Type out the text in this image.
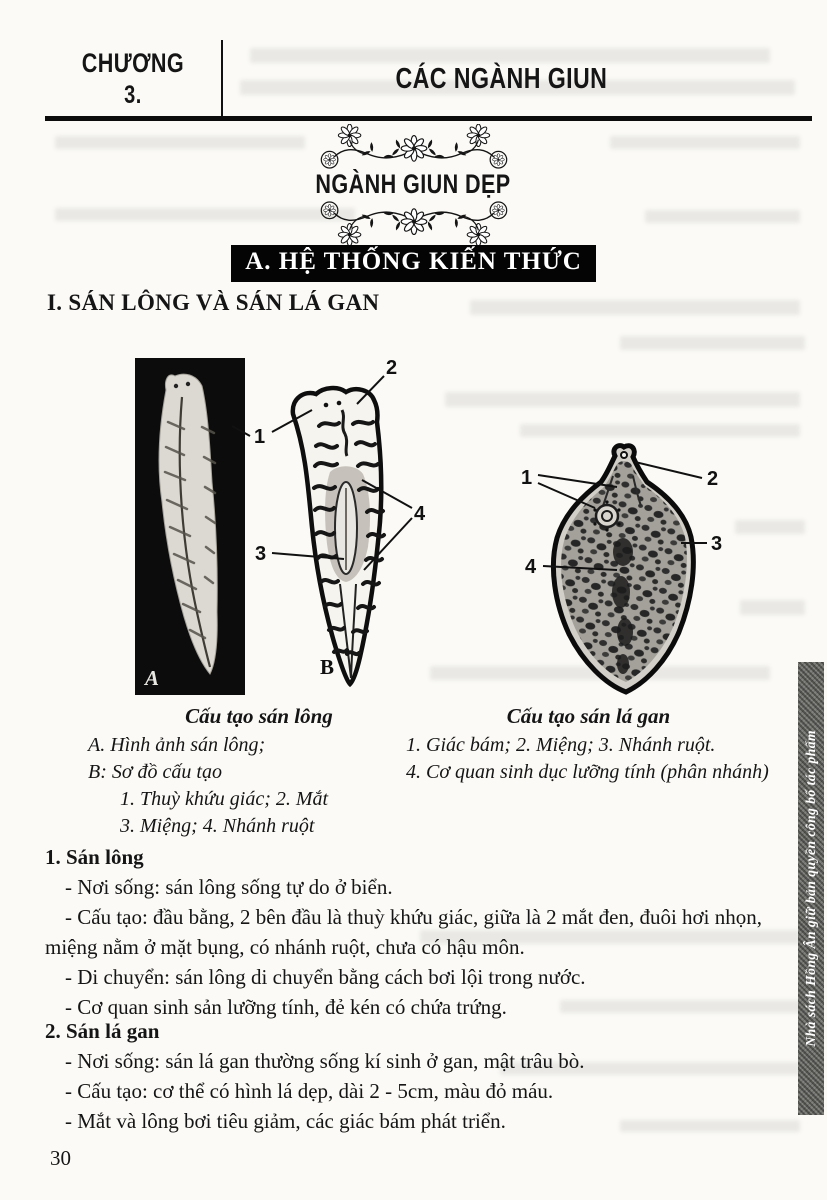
CHƯƠNG
3.
CÁC NGÀNH GIUN
NGÀNH GIUN DẸP
A. HỆ THỐNG KIẾN THỨC
I. SÁN LÔNG VÀ SÁN LÁ GAN
A	B
2
1
3
4
1	2
3
4
Cấu tạo sán lông
A. Hình ảnh sán lông;
B: Sơ đồ cấu tạo
1. Thuỳ khứu giác; 2. Mắt
3. Miệng; 4. Nhánh ruột
Cấu tạo sán lá gan
1. Giác bám; 2. Miệng; 3. Nhánh ruột.
4. Cơ quan sinh dục lưỡng tính (phân nhánh)

1. Sán lông

- Nơi sống: sán lông sống tự do ở biển.

- Cấu tạo: đầu bằng, 2 bên đầu là thuỳ khứu giác, giữa là 2 mắt đen, đuôi hơi nhọn, miệng nằm ở mặt bụng, có nhánh ruột, chưa có hậu môn.

- Di chuyển: sán lông di chuyển bằng cách bơi lội trong nước.

- Cơ quan sinh sản lưỡng tính, đẻ kén có chứa trứng.

2. Sán lá gan

- Nơi sống: sán lá gan thường sống kí sinh ở gan, mật trâu bò.

- Cấu tạo: cơ thể có hình lá dẹp, dài 2 - 5cm, màu đỏ máu.

- Mắt và lông bơi tiêu giảm, các giác bám phát triển.

30
Nhà sách Hồng Ân giữ bản quyền công bố tác phẩm
